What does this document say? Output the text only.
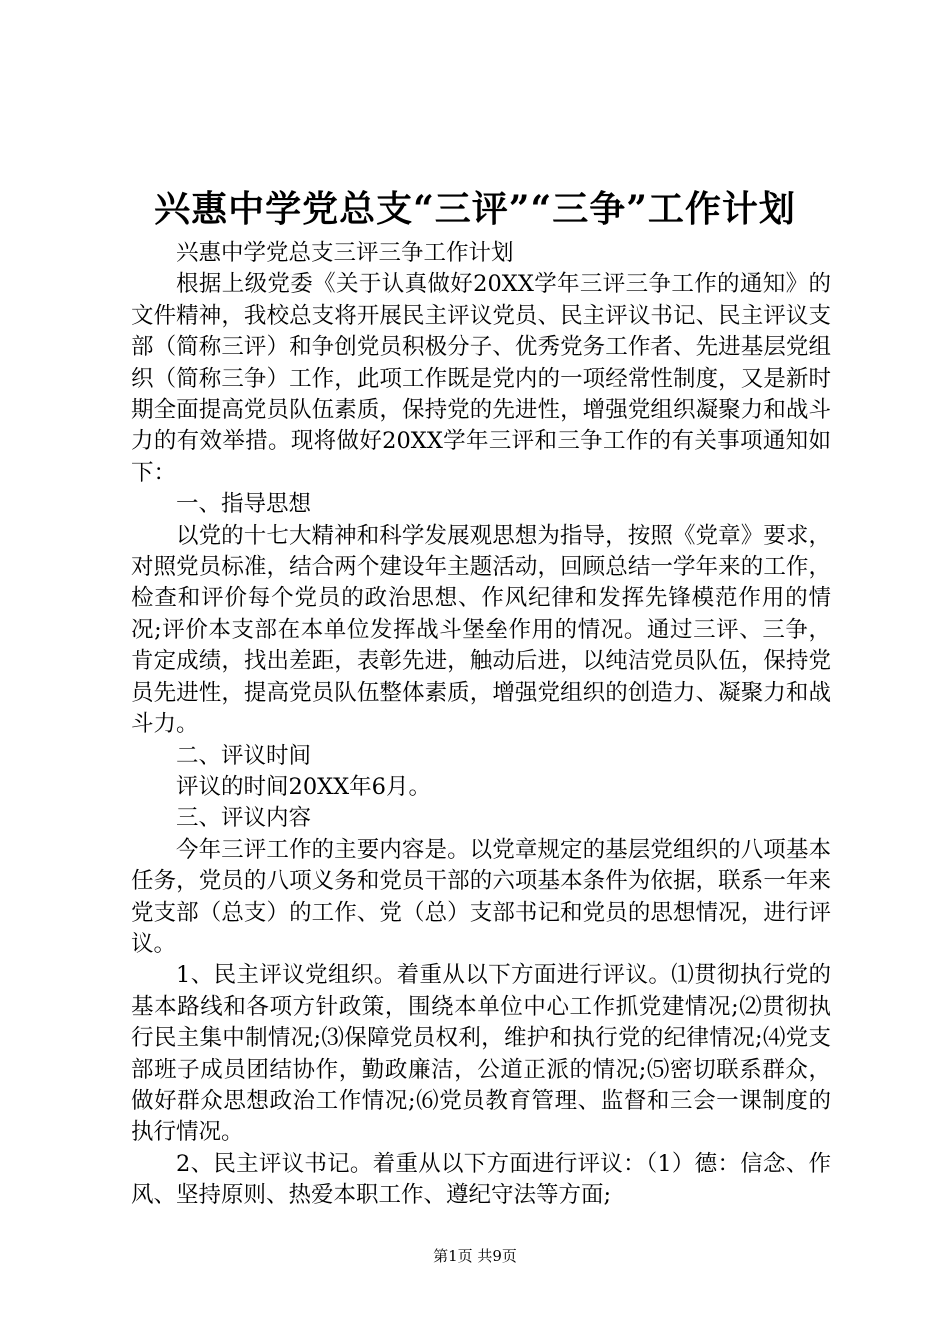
兴惠中学党总支“三评”“三争”工作计划

兴惠中学党总支三评三争工作计划

根据上级党委《关于认真做好20XX学年三评三争工作的通知》的文件精神，我校总支将开展民主评议党员、民主评议书记、民主评议支部（简称三评）和争创党员积极分子、优秀党务工作者、先进基层党组织（简称三争）工作，此项工作既是党内的一项经常性制度，又是新时期全面提高党员队伍素质，保持党的先进性，增强党组织凝聚力和战斗力的有效举措。现将做好20XX学年三评和三争工作的有关事项通知如下：

一、指导思想

以党的十七大精神和科学发展观思想为指导，按照《党章》要求，对照党员标准，结合两个建设年主题活动，回顾总结一学年来的工作，检查和评价每个党员的政治思想、作风纪律和发挥先锋模范作用的情况;评价本支部在本单位发挥战斗堡垒作用的情况。通过三评、三争，肯定成绩，找出差距，表彰先进，触动后进，以纯洁党员队伍，保持党员先进性，提高党员队伍整体素质，增强党组织的创造力、凝聚力和战斗力。

二、评议时间

评议的时间20XX年6月。

三、评议内容

今年三评工作的主要内容是。以党章规定的基层党组织的八项基本任务，党员的八项义务和党员干部的六项基本条件为依据，联系一年来党支部（总支）的工作、党（总）支部书记和党员的思想情况，进行评议。

1、民主评议党组织。着重从以下方面进行评议。⑴贯彻执行党的基本路线和各项方针政策，围绕本单位中心工作抓党建情况;⑵贯彻执行民主集中制情况;⑶保障党员权利，维护和执行党的纪律情况;⑷党支部班子成员团结协作，勤政廉洁，公道正派的情况;⑸密切联系群众，做好群众思想政治工作情况;⑹党员教育管理、监督和三会一课制度的执行情况。

2、民主评议书记。着重从以下方面进行评议：（1）德：信念、作风、坚持原则、热爱本职工作、遵纪守法等方面;

第1页 共9页
